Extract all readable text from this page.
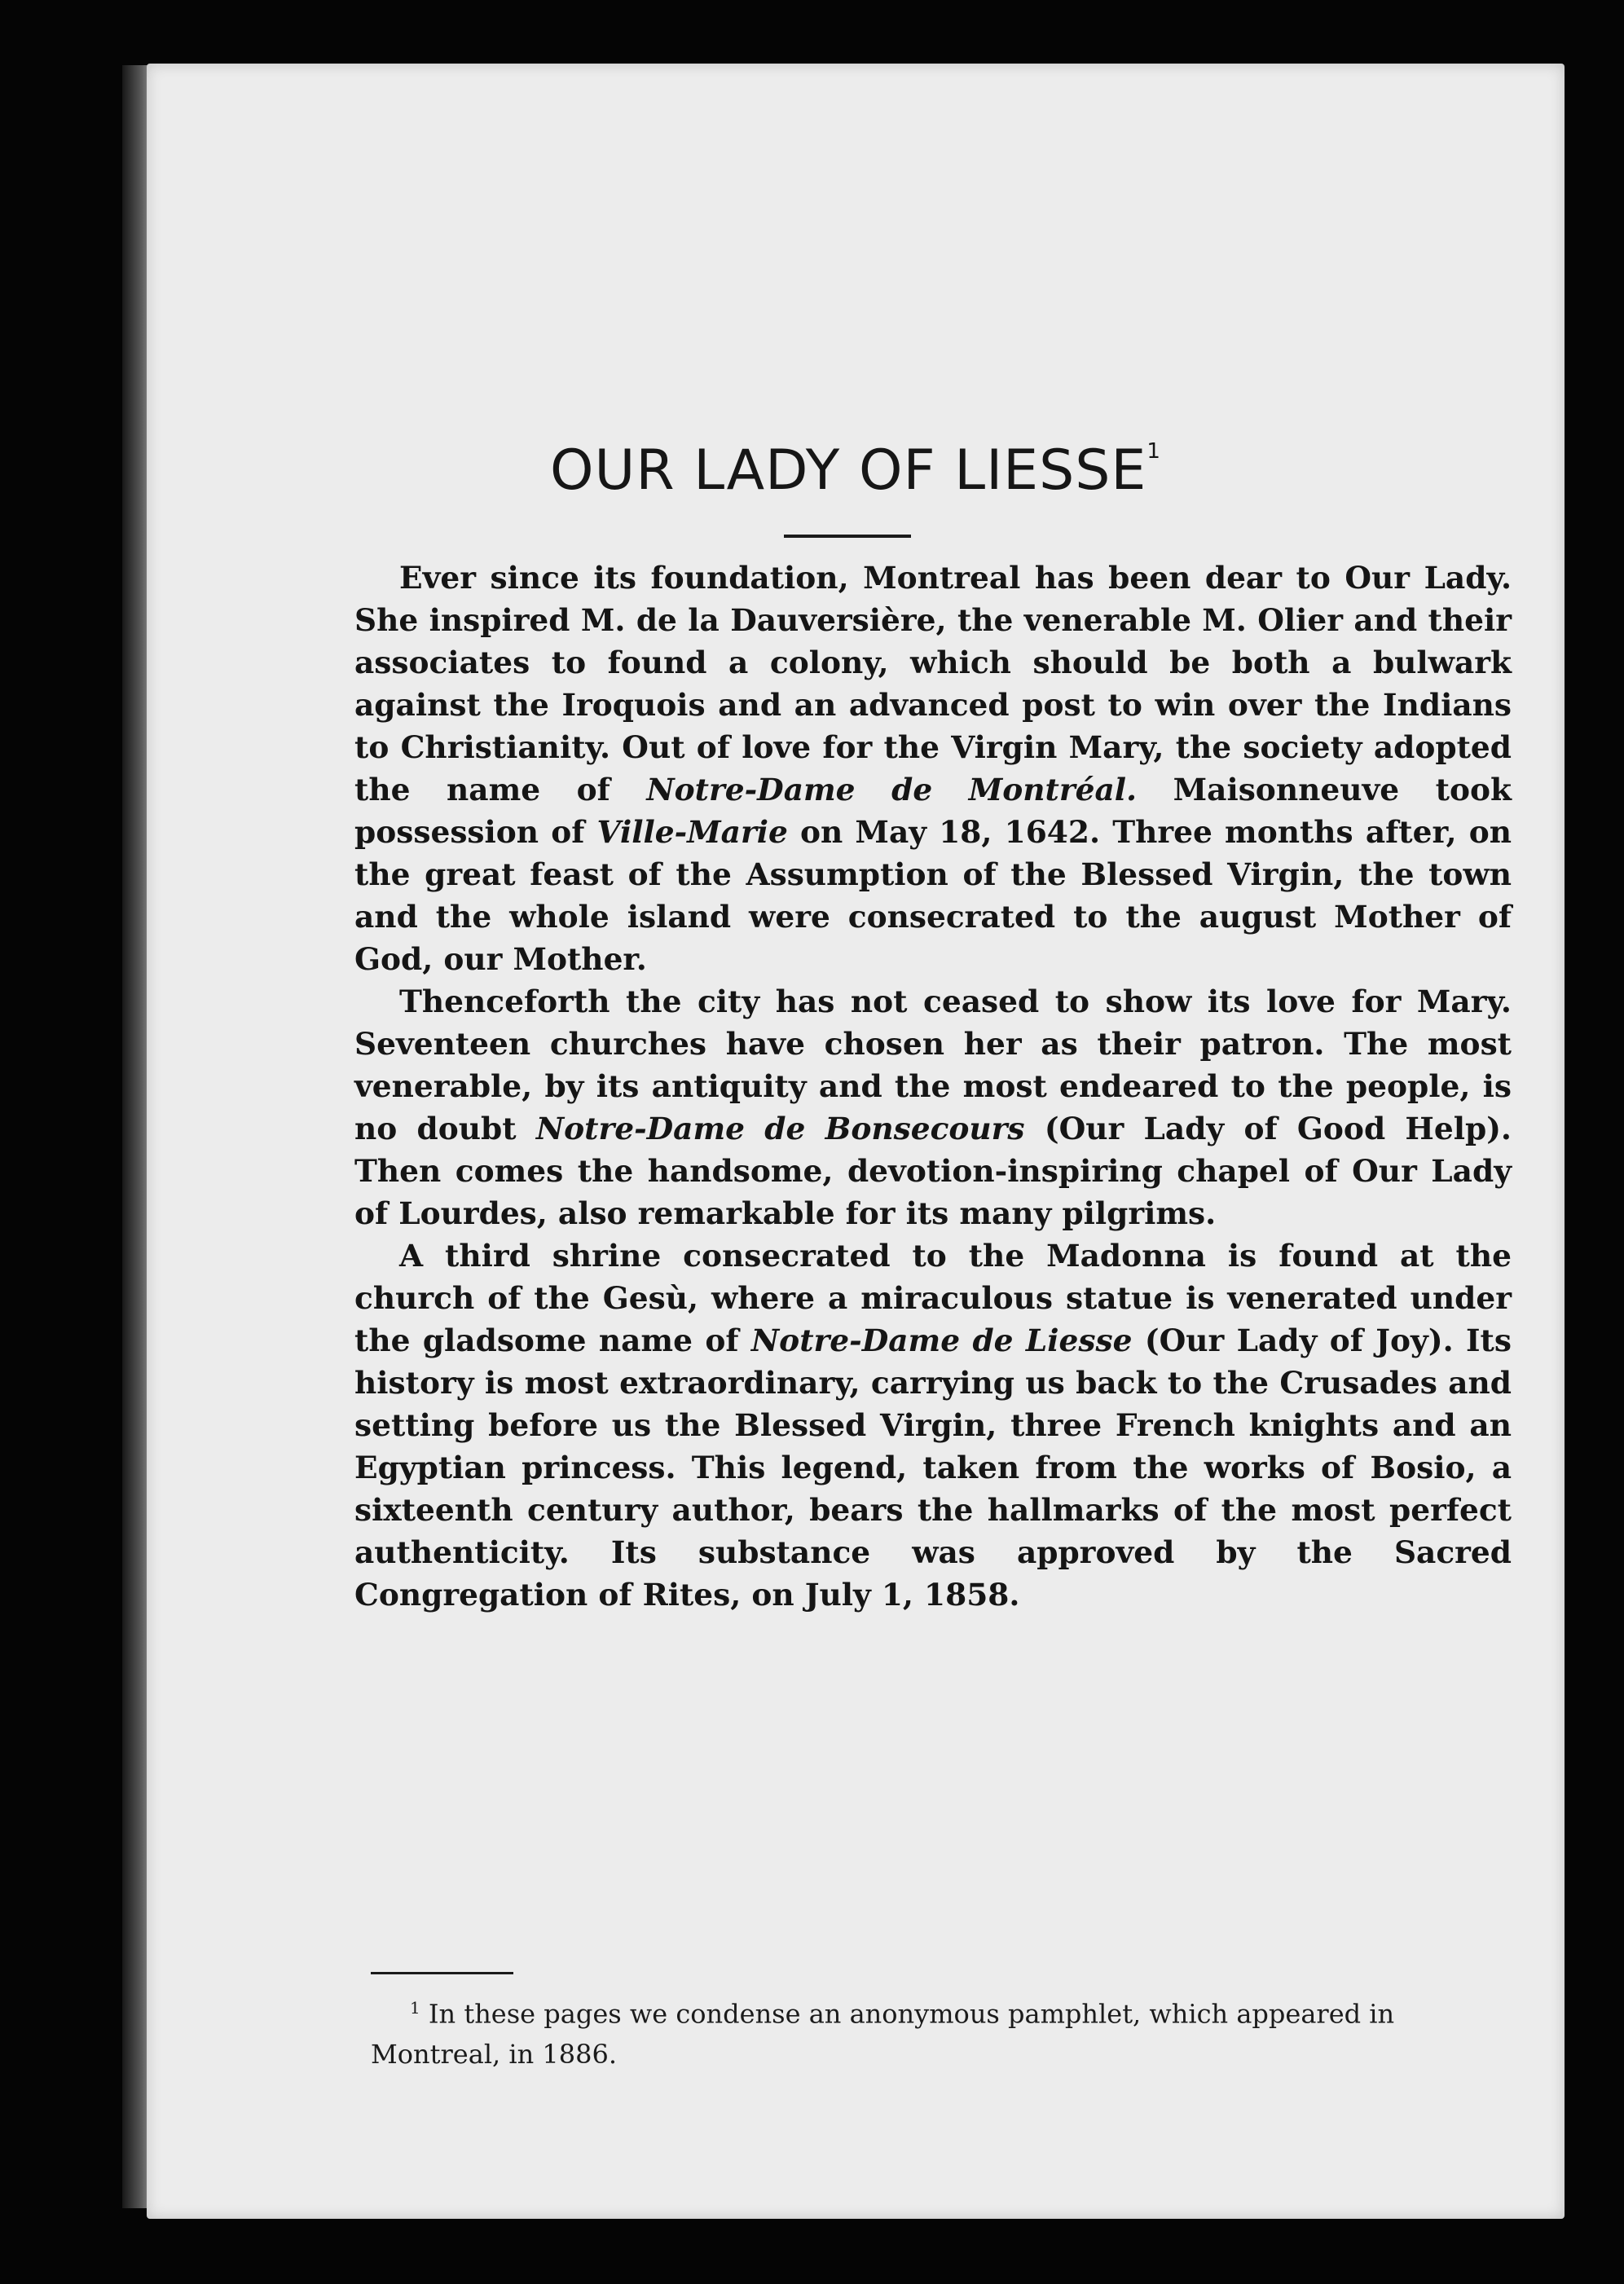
OUR LADY OF LIESSE$^1$

Ever since its foundation, Montreal has been dear to Our Lady. She inspired M. de la Dauversière, the venerable M. Olier and their associates to found a colony, which should be both a bulwark against the Iroquois and an advanced post to win over the Indians to Christianity. Out of love for the Virgin Mary, the society adopted the name of Notre-Dame de Montréal. Maisonneuve took possession of Ville-Marie on May 18, 1642. Three months after, on the great feast of the Assumption of the Blessed Virgin, the town and the whole island were consecrated to the august Mother of God, our Mother.

Thenceforth the city has not ceased to show its love for Mary. Seventeen churches have chosen her as their patron. The most venerable, by its antiquity and the most endeared to the people, is no doubt Notre-Dame de Bonsecours (Our Lady of Good Help). Then comes the handsome, devotion-inspiring chapel of Our Lady of Lourdes, also remarkable for its many pilgrims.

A third shrine consecrated to the Madonna is found at the church of the Gesù, where a miraculous statue is venerated under the gladsome name of Notre-Dame de Liesse (Our Lady of Joy). Its history is most extraordinary, carrying us back to the Crusades and setting before us the Blessed Virgin, three French knights and an Egyptian princess. This legend, taken from the works of Bosio, a sixteenth century author, bears the hallmarks of the most perfect authenticity. Its substance was approved by the Sacred Congregation of Rites, on July 1, 1858.

$^1$ In these pages we condense an anonymous pamphlet, which appeared in Montreal, in 1886.
